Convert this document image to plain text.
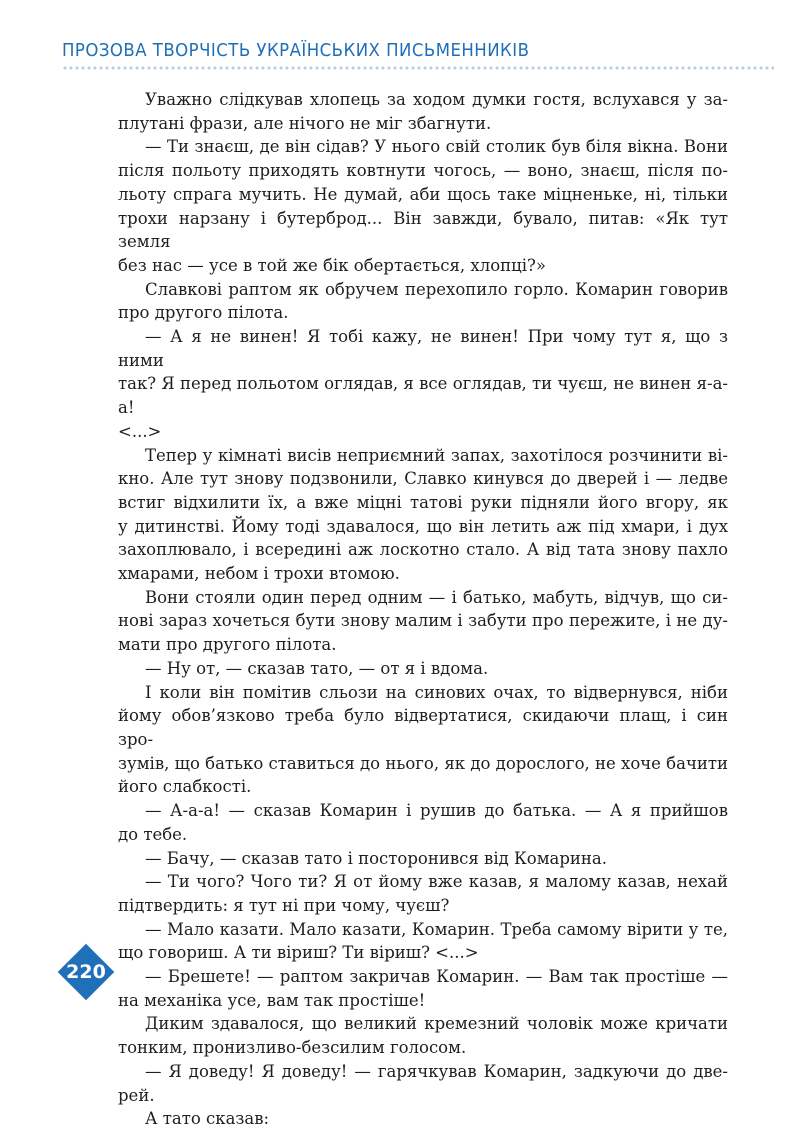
ПРОЗОВА ТВОРЧІСТЬ УКРАЇНСЬКИХ ПИСЬМЕННИКІВ

Уважно слідкував хлопець за ходом думки гостя, вслухався у за-

плутані фрази, але нічого не міг збагнути.

— Ти знаєш, де він сідав? У нього свій столик був біля вікна. Вони

після польоту приходять ковтнути чогось, — воно, знаєш, після по-

льоту спрага мучить. Не думай, аби щось таке міцненьке, ні, тільки

трохи нарзану і бутерброд... Він завжди, бувало, питав: «Як тут земля

без нас — усе в той же бік обертається, хлопці?»

Славкові раптом як обручем перехопило горло. Комарин говорив

про другого пілота.

— А я не винен! Я тобі кажу, не винен! При чому тут я, що з ними

так? Я перед польотом оглядав, я все оглядав, ти чуєш, не винен я-а-а!

<...>

Тепер у кімнаті висів неприємний запах, захотілося розчинити ві-

кно. Але тут знову подзвонили, Славко кинувся до дверей і — ледве

встиг відхилити їх, а вже міцні татові руки підняли його вгору, як

у дитинстві. Йому тоді здавалося, що він летить аж під хмари, і дух

захоплювало, і всередині аж лоскотно стало. А від тата знову пахло

хмарами, небом і трохи втомою.

Вони стояли один перед одним — і батько, мабуть, відчув, що си-

нові зараз хочеться бути знову малим і забути про пережите, і не ду-

мати про другого пілота.

— Ну от, — сказав тато, — от я і вдома.

І коли він помітив сльози на синових очах, то відвернувся, ніби

йому обов’язково треба було відвертатися, скидаючи плащ, і син зро-

зумів, що батько ставиться до нього, як до дорослого, не хоче бачити

його слабкості.

— А-а-а! — сказав Комарин і рушив до батька. — А я прийшов

до тебе.

— Бачу, — сказав тато і посторонився від Комарина.

— Ти чого? Чого ти? Я от йому вже казав, я малому казав, нехай

підтвердить: я тут ні при чому, чуєш?

— Мало казати. Мало казати, Комарин. Треба самому вірити у те,

що говориш. А ти віриш? Ти віриш? <...>

— Брешете! — раптом закричав Комарин. — Вам так простіше —

на механіка усе, вам так простіше!

Диким здавалося, що великий кремезний чоловік може кричати

тонким, пронизливо-безсилим голосом.

— Я доведу! Я доведу! — гарячкував Комарин, задкуючи до две-

рей.

А тато сказав:

220
